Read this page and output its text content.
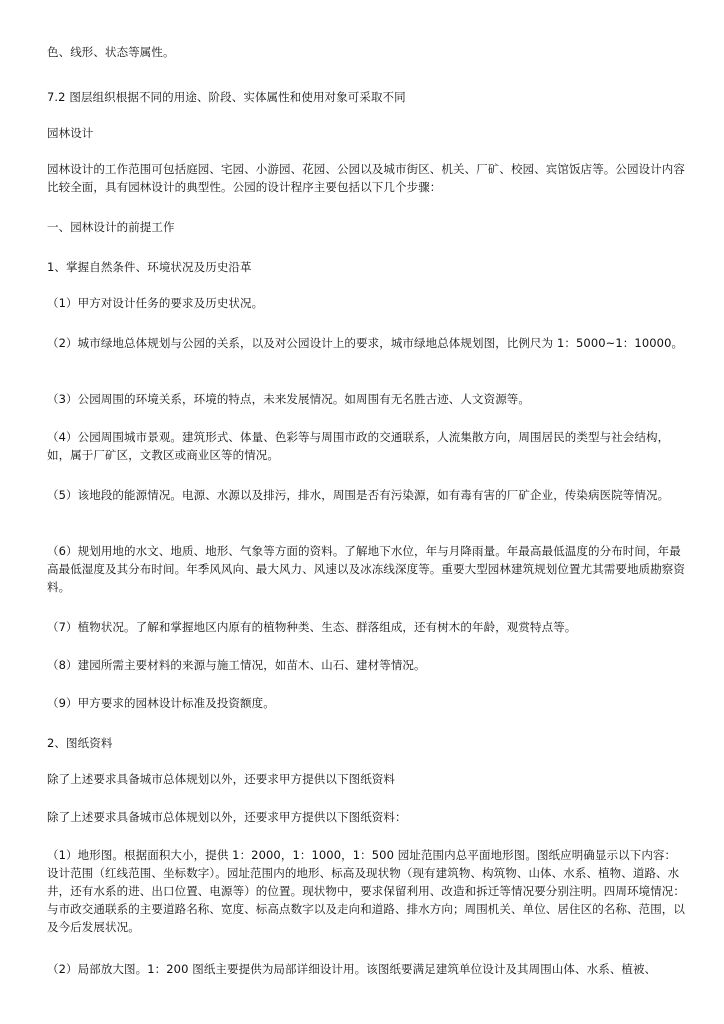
色、线形、状态等属性。

7.2 图层组织根据不同的用途、阶段、实体属性和使用对象可采取不同

园林设计

园林设计的工作范围可包括庭园、宅园、小游园、花园、公园以及城市街区、机关、厂矿、校园、宾馆饭店等。公园设计内容比较全面，具有园林设计的典型性。公园的设计程序主要包括以下几个步骤：

一、园林设计的前提工作

1、掌握自然条件、环境状况及历史沿革

（1）甲方对设计任务的要求及历史状况。

（2）城市绿地总体规划与公园的关系，以及对公园设计上的要求，城市绿地总体规划图，比例尺为 1：5000~1：10000。

（3）公园周围的环境关系，环境的特点，未来发展情况。如周围有无名胜古迹、人文资源等。

（4）公园周围城市景观。建筑形式、体量、色彩等与周围市政的交通联系，人流集散方向，周围居民的类型与社会结构，如，属于厂矿区，文教区或商业区等的情况。

（5）该地段的能源情况。电源、水源以及排污，排水，周围是否有污染源，如有毒有害的厂矿企业，传染病医院等情况。

（6）规划用地的水文、地质、地形、气象等方面的资料。了解地下水位，年与月降雨量。年最高最低温度的分布时间，年最高最低湿度及其分布时间。年季风风向、最大风力、风速以及冰冻线深度等。重要大型园林建筑规划位置尤其需要地质勘察资料。

（7）植物状况。了解和掌握地区内原有的植物种类、生态、群落组成，还有树木的年龄，观赏特点等。

（8）建园所需主要材料的来源与施工情况，如苗木、山石、建材等情况。

（9）甲方要求的园林设计标准及投资额度。

2、图纸资料

除了上述要求具备城市总体规划以外，还要求甲方提供以下图纸资料

除了上述要求具备城市总体规划以外，还要求甲方提供以下图纸资料：

（1）地形图。根据面积大小，提供 1：2000，1：1000，1：500 园址范围内总平面地形图。图纸应明确显示以下内容：设计范围（红线范围、坐标数字）。园址范围内的地形、标高及现状物（现有建筑物、构筑物、山体、水系、植物、道路、水井，还有水系的进、出口位置、电源等）的位置。现状物中，要求保留利用、改造和拆迁等情况要分别注明。四周环境情况：与市政交通联系的主要道路名称、宽度、标高点数字以及走向和道路、排水方向；周围机关、单位、居住区的名称、范围，以及今后发展状况。

（2）局部放大图。1：200 图纸主要提供为局部详细设计用。该图纸要满足建筑单位设计及其周围山体、水系、植被、
